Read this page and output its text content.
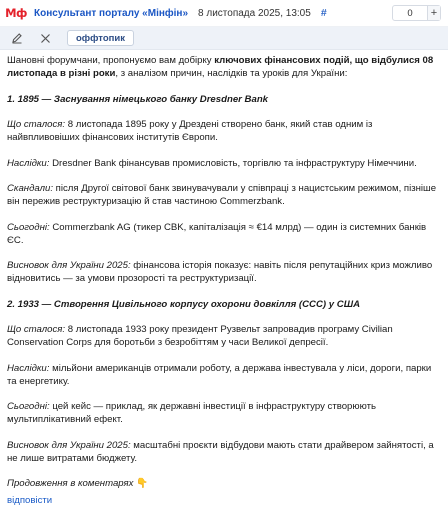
Мф Консультант порталу «Мінфін» 8 листопада 2025, 13:05 #	0	+
оффтопик

Шановні форумчани, пропонуємо вам добірку ключових фінансових подій, що відбулися 08 листопада в різні роки, з аналізом причин, наслідків та уроків для України:

1. 1895 — Заснування німецького банку Dresdner Bank

Що сталося: 8 листопада 1895 року у Дрездені створено банк, який став одним із найвпливовіших фінансових інститутів Європи.

Наслідки: Dresdner Bank фінансував промисловість, торгівлю та інфраструктуру Німеччини.

Скандали: після Другої світової банк звинувачували у співпраці з нацистським режимом, пізніше він пережив реструктуризацію й став частиною Commerzbank.

Сьогодні: Commerzbank AG (тикер CBK, капіталізація ≈ €14 млрд) — один із системних банків ЄС.

Висновок для України 2025: фінансова історія показує: навіть після репутаційних криз можливо відновитись — за умови прозорості та реструктуризації.

2. 1933 — Створення Цивільного корпусу охорони довкілля (CCC) у США

Що сталося: 8 листопада 1933 року президент Рузвельт запровадив програму Civilian Conservation Corps для боротьби з безробіттям у часи Великої депресії.

Наслідки: мільйони американців отримали роботу, а держава інвестувала у ліси, дороги, парки та енергетику.

Сьогодні: цей кейс — приклад, як державні інвестиції в інфраструктуру створюють мультиплікативний ефект.

Висновок для України 2025: масштабні проєкти відбудови мають стати драйвером зайнятості, а не лише витратами бюджету.

Продовження в коментарях 👇

відповісти
